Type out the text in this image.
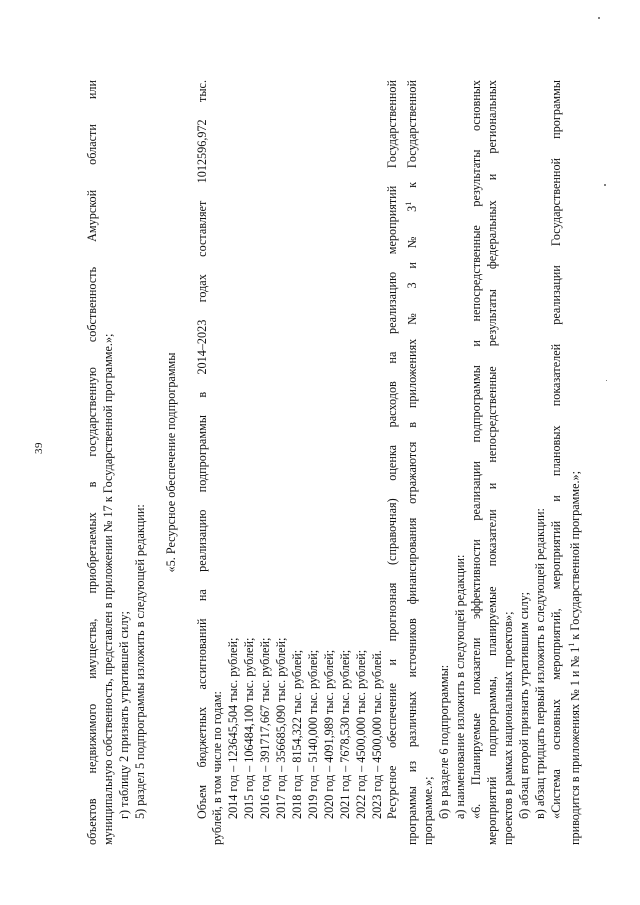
39	объектов недвижимого имущества, приобретаемых в государственную собственность Амурской области или муниципальную собственность, представлен в приложении № 17 к Государственной программе.»; г) таблицу 2 признать утратившей силу; 5) раздел 5 подпрограммы изложить в следующей редакции:

«5. Ресурсное обеспечение подпрограммы Объем бюджетных ассигнований на реализацию подпрограммы в 2014–2023 годах составляет 1012596,972 тыс. рублей, в том числе по годам: 2014 год – 123645,504 тыс. рублей; 2015 год – 106484,100 тыс. рублей; 2016 год – 391717,667 тыс. рублей; 2017 год – 356685,090 тыс. рублей; 2018 год – 8154,322 тыс. рублей; 2019 год – 5140,000 тыс. рублей; 2020 год – 4091,989 тыс. рублей; 2021 год – 7678,530 тыс. рублей; 2022 год – 4500,000 тыс. рублей; 2023 год – 4500,000 тыс. рублей. Ресурсное обеспечение и прогнозная (справочная) оценка расходов на реализацию мероприятий Государственной программы из различных источников финансирования отражаются в приложениях № 3 и № $3^1$ к Государственной

программе.»; б) в разделе 6 подпрограммы: а) наименование изложить в следующей редакции: «6. Планируемые показатели эффективности реализации подпрограммы и непосредственные результаты основных мероприятий подпрограммы, планируемые показатели и непосредственные результаты федеральных и региональных проектов в рамках национальных проектов»; б) абзац второй признать утратившим силу; в) абзац тридцать первый изложить в следующей редакции: «Система основных мероприятий, мероприятий и плановых показателей реализации Государственной программы приводится в приложениях № 1 и № $1^1$ к Государственной программе.»;
